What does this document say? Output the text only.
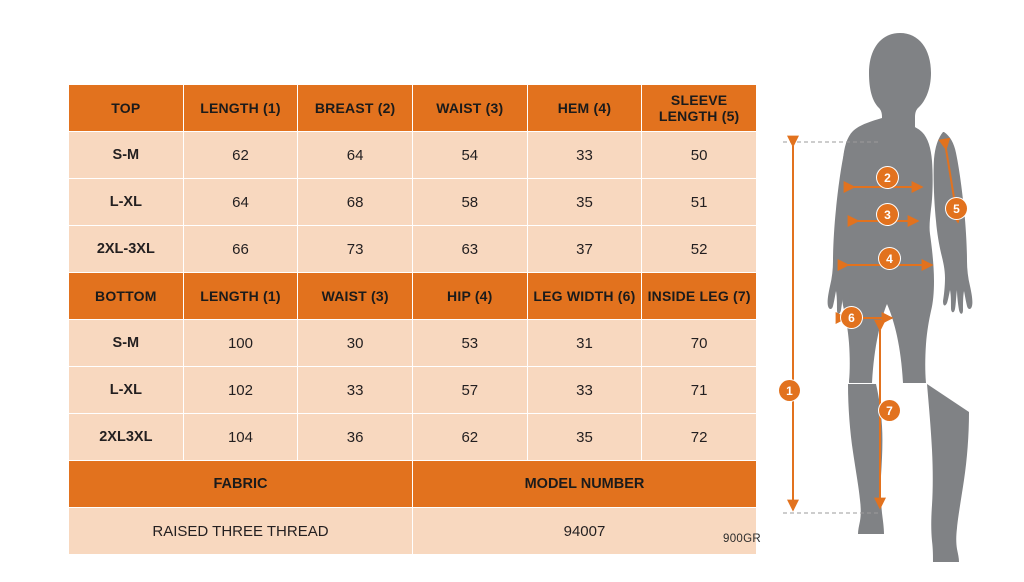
TOP	LENGTH (1)	BREAST (2)	WAIST (3)	HEM (4)	SLEEVE LENGTH (5)
S-M	62	64	54	33	50
L-XL	64	68	58	35	51
2XL-3XL	66	73	63	37	52
BOTTOM	LENGTH (1)	WAIST (3)	HIP (4)	LEG WIDTH (6)	INSIDE LEG (7)
S-M	100	30	53	31	70
L-XL	102	33	57	33	71
2XL3XL	104	36	62	35	72
FABRIC			MODEL NUMBER		
RAISED THREE THREAD			94007			900GR
1
2
3
4
5
6
7
